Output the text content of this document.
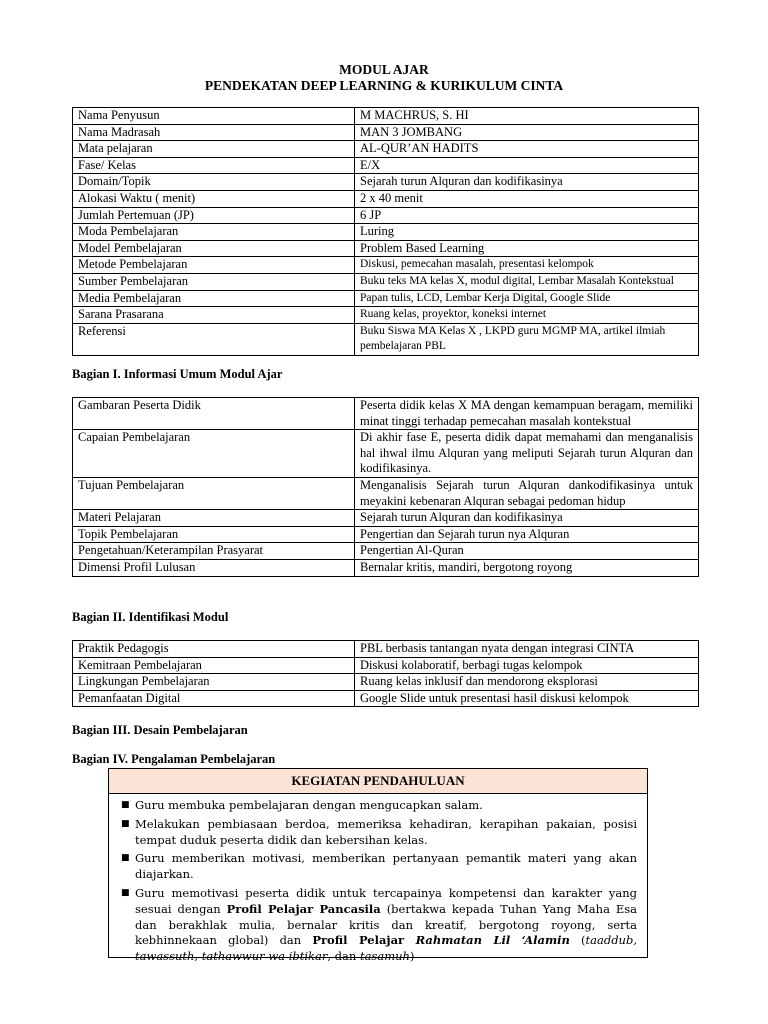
MODUL AJAR
PENDEKATAN DEEP LEARNING & KURIKULUM CINTA
Nama Penyusun	M MACHRUS, S. HI
Nama Madrasah	MAN 3 JOMBANG
Mata pelajaran	AL-QUR’AN HADITS
Fase/ Kelas	E/X
Domain/Topik	Sejarah turun Alquran dan kodifikasinya
Alokasi Waktu ( menit)	2 x 40 menit
Jumlah Pertemuan (JP)	6 JP
Moda Pembelajaran	Luring
Model Pembelajaran	Problem Based Learning
Metode Pembelajaran	Diskusi, pemecahan masalah, presentasi kelompok
Sumber Pembelajaran	Buku teks MA kelas X, modul digital, Lembar Masalah Kontekstual
Media Pembelajaran	Papan tulis, LCD, Lembar Kerja Digital, Google Slide
Sarana Prasarana	Ruang kelas, proyektor, koneksi internet
Referensi	Buku Siswa MA Kelas X , LKPD guru MGMP MA, artikel ilmiah pembelajaran PBL
Bagian I. Informasi Umum Modul Ajar
Gambaran Peserta Didik	Peserta didik kelas X MA dengan kemampuan beragam, memiliki minat tinggi terhadap pemecahan masalah kontekstual
Capaian Pembelajaran	Di akhir fase E, peserta didik dapat memahami dan menganalisis hal ihwal ilmu Alquran yang meliputi Sejarah turun Alquran dan kodifikasinya.
Tujuan Pembelajaran	Menganalisis Sejarah turun Alquran dankodifikasinya untuk meyakini kebenaran Alquran sebagai pedoman hidup
Materi Pelajaran	Sejarah turun Alquran dan kodifikasinya
Topik Pembelajaran	Pengertian dan Sejarah turun nya Alquran
Pengetahuan/Keterampilan Prasyarat	Pengertian Al-Quran
Dimensi Profil Lulusan	Bernalar kritis, mandiri, bergotong royong
Bagian II. Identifikasi Modul
Praktik Pedagogis	PBL berbasis tantangan nyata dengan integrasi CINTA
Kemitraan Pembelajaran	Diskusi kolaboratif, berbagi tugas kelompok
Lingkungan Pembelajaran	Ruang kelas inklusif dan mendorong eksplorasi
Pemanfaatan Digital	Google Slide untuk presentasi hasil diskusi kelompok
Bagian III. Desain Pembelajaran
Bagian IV. Pengalaman Pembelajaran
KEGIATAN PENDAHULUAN
■ Guru membuka pembelajaran dengan mengucapkan salam.
■ Melakukan pembiasaan berdoa, memeriksa kehadiran, kerapihan pakaian, posisi tempat duduk peserta didik dan kebersihan kelas.
■ Guru memberikan motivasi, memberikan pertanyaan pemantik materi yang akan diajarkan.
■ Guru memotivasi peserta didik untuk tercapainya kompetensi dan karakter yang sesuai dengan Profil Pelajar Pancasila (bertakwa kepada Tuhan Yang Maha Esa dan berakhlak mulia, bernalar kritis dan kreatif, bergotong royong, serta kebhinnekaan global) dan Profil Pelajar Rahmatan Lil ‘Alamin (taaddub, tawassuth, tathawwur wa ibtikar, dan tasamuh)
